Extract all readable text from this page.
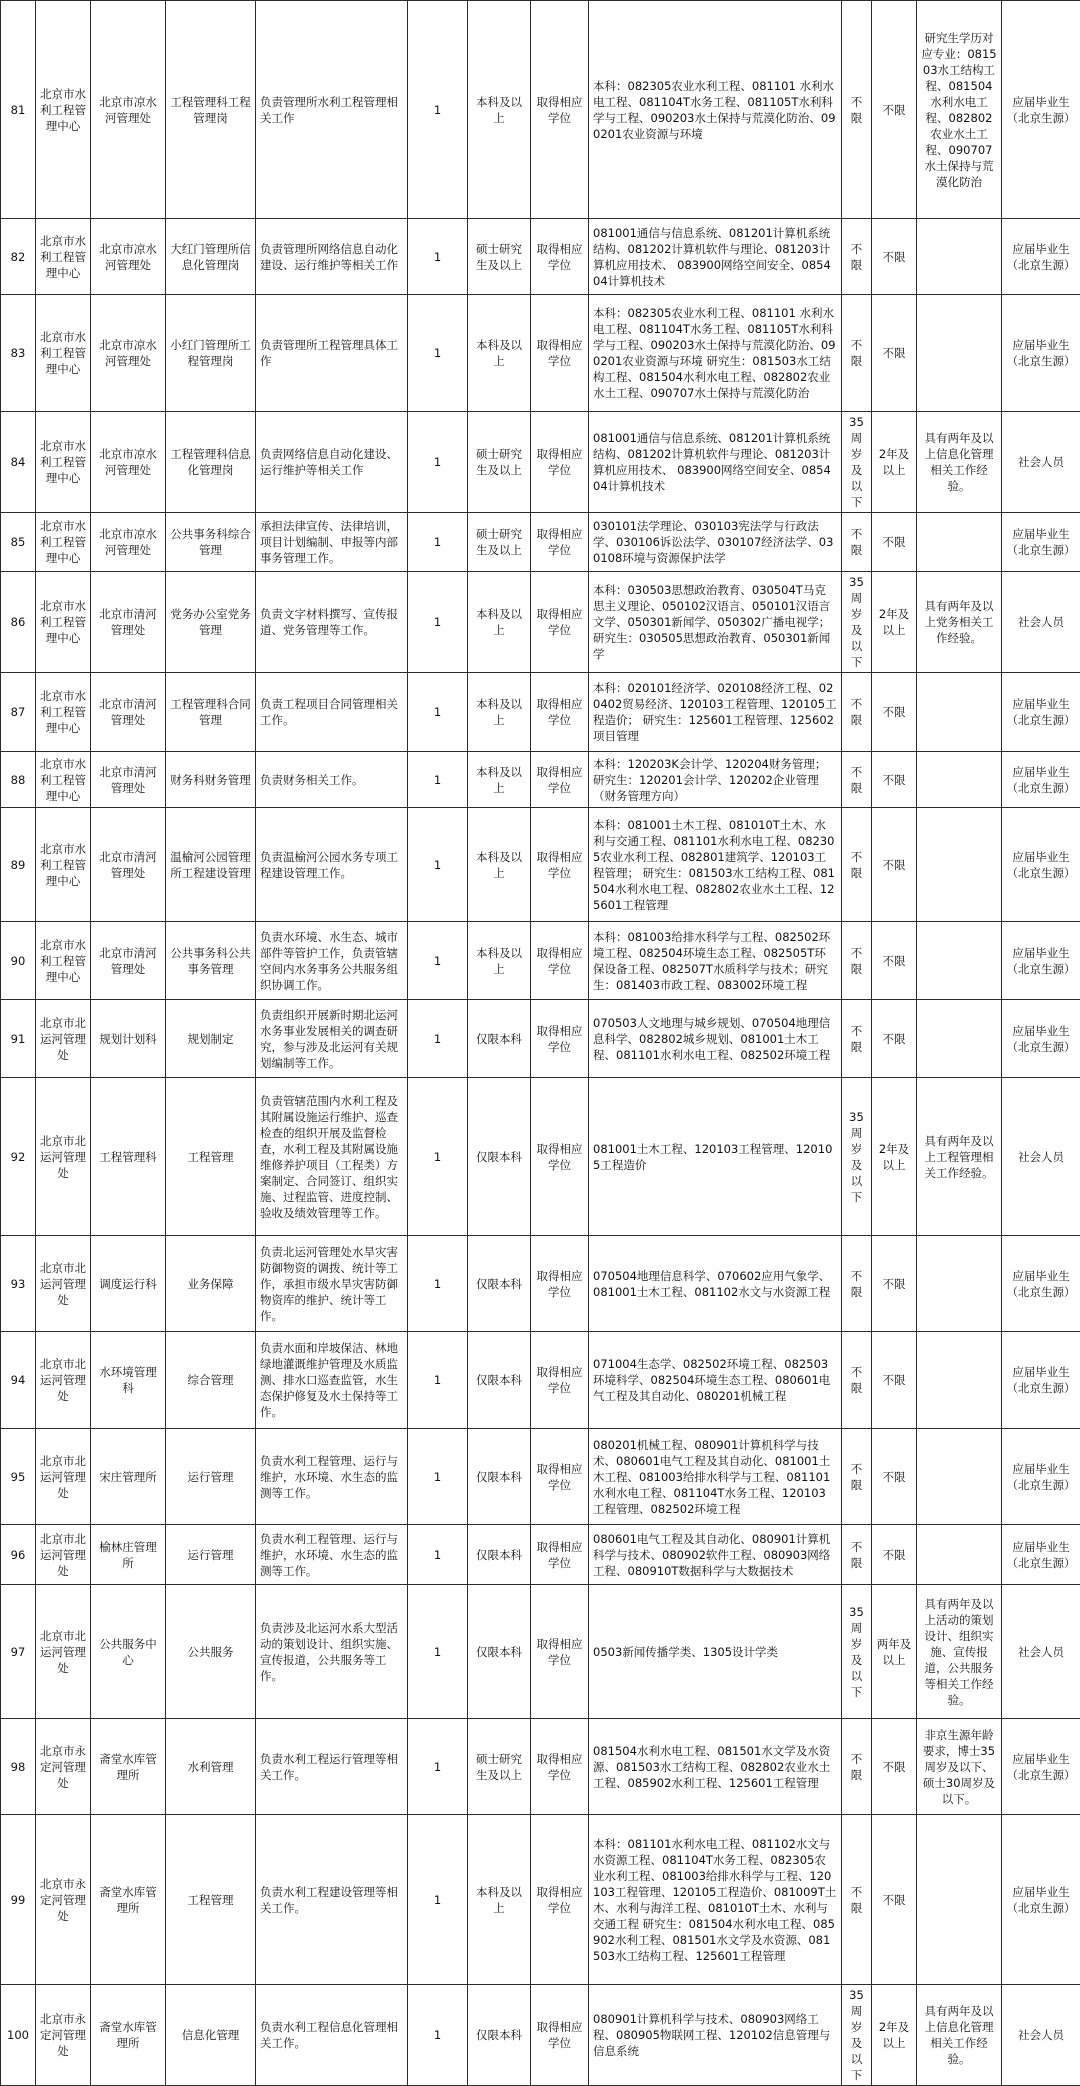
81	北京市水利工程管理中心	北京市凉水河管理处	工程管理科工程管理岗	负责管理所水利工程管理相关工作	1	本科及以上	取得相应学位	本科：082305农业水利工程、081101 水利水电工程、081104T水务工程、081105T水利科学与工程、090203水土保持与荒漠化防治、090201农业资源与环境	不限	不限	研究生学历对应专业：081503水工结构工程、081504水利水电工程、082802农业水土工程、090707水土保持与荒漠化防治	应届毕业生（北京生源）
82	北京市水利工程管理中心	北京市凉水河管理处	大红门管理所信息化管理岗	负责管理所网络信息自动化建设、运行维护等相关工作	1	硕士研究生及以上	取得相应学位	081001通信与信息系统、081201计算机系统结构、081202计算机软件与理论、081203计算机应用技术、 083900网络空间安全、085404计算机技术	不限	不限		应届毕业生（北京生源）
83	北京市水利工程管理中心	北京市凉水河管理处	小红门管理所工程管理岗	负责管理所工程管理具体工作	1	本科及以上	取得相应学位	本科：082305农业水利工程、081101 水利水电工程、081104T水务工程、081105T水利科学与工程、090203水土保持与荒漠化防治、090201农业资源与环境 研究生：081503水工结构工程、081504水利水电工程、082802农业水土工程、090707水土保持与荒漠化防治	不限	不限		应届毕业生（北京生源）
84	北京市水利工程管理中心	北京市凉水河管理处	工程管理科信息化管理岗	负责网络信息自动化建设、运行维护等相关工作	1	硕士研究生及以上	取得相应学位	081001通信与信息系统、081201计算机系统结构、081202计算机软件与理论、081203计算机应用技术、 083900网络空间安全、085404计算机技术	35周岁及以下	2年及以上	具有两年及以上信息化管理相关工作经验。	社会人员
85	北京市水利工程管理中心	北京市凉水河管理处	公共事务科综合管理	承担法律宣传、法律培训，项目计划编制、申报等内部事务管理工作。	1	硕士研究生及以上	取得相应学位	030101法学理论、030103宪法学与行政法学、030106诉讼法学、030107经济法学、030108环境与资源保护法学	不限	不限		应届毕业生（北京生源）
86	北京市水利工程管理中心	北京市清河管理处	党务办公室党务管理	负责文字材料撰写、宣传报道、党务管理等工作。	1	本科及以上	取得相应学位	本科：030503思想政治教育、030504T马克思主义理论、050102汉语言、050101汉语言文学、050301新闻学、050302广播电视学；研究生：030505思想政治教育、050301新闻学	35周岁及以下	2年及以上	具有两年及以上党务相关工作经验。	社会人员
87	北京市水利工程管理中心	北京市清河管理处	工程管理科合同管理	负责工程项目合同管理相关工作。	1	本科及以上	取得相应学位	本科：020101经济学、020108经济工程、020402贸易经济、120103工程管理、120105工程造价； 研究生：125601工程管理、125602项目管理	不限	不限		应届毕业生（北京生源）
88	北京市水利工程管理中心	北京市清河管理处	财务科财务管理	负责财务相关工作。	1	本科及以上	取得相应学位	本科：120203K会计学、120204财务管理；研究生：120201会计学、120202企业管理（财务管理方向）	不限	不限		应届毕业生（北京生源）
89	北京市水利工程管理中心	北京市清河管理处	温榆河公园管理所工程建设管理	负责温榆河公园水务专项工程建设管理工作。	1	本科及以上	取得相应学位	本科：081001土木工程、081010T土木、水利与交通工程、081101水利水电工程、082305农业水利工程、082801建筑学、120103工程管理； 研究生：081503水工结构工程、081504水利水电工程、082802农业水土工程、125601工程管理	不限	不限		应届毕业生（北京生源）
90	北京市水利工程管理中心	北京市清河管理处	公共事务科公共事务管理	负责水环境、水生态、城市部件等管护工作，负责管辖空间内水务事务公共服务组织协调工作。	1	本科及以上	取得相应学位	本科：081003给排水科学与工程、082502环境工程、082504环境生态工程、082505T环保设备工程、082507T水质科学与技术；研究生：081403市政工程、083002环境工程	不限	不限		应届毕业生（北京生源）
91	北京市北运河管理处	规划计划科	规划制定	负责组织开展新时期北运河水务事业发展相关的调查研究，参与涉及北运河有关规划编制等工作。	1	仅限本科	取得相应学位	070503人文地理与城乡规划、070504地理信息科学、082802城乡规划、081001土木工程、081101水利水电工程、082502环境工程	不限	不限		应届毕业生（北京生源）
92	北京市北运河管理处	工程管理科	工程管理	负责管辖范围内水利工程及其附属设施运行维护、巡查检查的组织开展及监督检查，水利工程及其附属设施维修养护项目（工程类）方案制定、合同签订、组织实施、过程监管、进度控制、验收及绩效管理等工作。	1	仅限本科	取得相应学位	081001土木工程、120103工程管理、120105工程造价	35周岁及以下	2年及以上	具有两年及以上工程管理相关工作经验。	社会人员
93	北京市北运河管理处	调度运行科	业务保障	负责北运河管理处水旱灾害防御物资的调拨、统计等工作，承担市级水旱灾害防御物资库的维护、统计等工作。	1	仅限本科	取得相应学位	070504地理信息科学、070602应用气象学、081001土木工程、081102水文与水资源工程	不限	不限		应届毕业生（北京生源）
94	北京市北运河管理处	水环境管理科	综合管理	负责水面和岸坡保洁、林地绿地灌溉维护管理及水质监测、排水口巡查监管，水生态保护修复及水土保持等工作。	1	仅限本科	取得相应学位	071004生态学、082502环境工程、082503环境科学、082504环境生态工程、080601电气工程及其自动化、080201机械工程	不限	不限		应届毕业生（北京生源）
95	北京市北运河管理处	宋庄管理所	运行管理	负责水利工程管理、运行与维护，水环境、水生态的监测等工作。	1	仅限本科	取得相应学位	080201机械工程、080901计算机科学与技术、080601电气工程及其自动化、081001土木工程、081003给排水科学与工程、081101水利水电工程、081104T水务工程、120103工程管理、082502环境工程	不限	不限		应届毕业生（北京生源）
96	北京市北运河管理处	榆林庄管理所	运行管理	负责水利工程管理、运行与维护，水环境、水生态的监测等工作。	1	仅限本科	取得相应学位	080601电气工程及其自动化、080901计算机科学与技术、080902软件工程、080903网络工程、080910T数据科学与大数据技术	不限	不限		应届毕业生（北京生源）
97	北京市北运河管理处	公共服务中心	公共服务	负责涉及北运河水系大型活动的策划设计、组织实施、宣传报道，公共服务等工作。	1	仅限本科	取得相应学位	0503新闻传播学类、1305设计学类	35周岁及以下	两年及以上	具有两年及以上活动的策划设计、组织实施、宣传报道，公共服务等相关工作经验。	社会人员
98	北京市永定河管理处	斋堂水库管理所	水利管理	负责水利工程运行管理等相关工作。	1	硕士研究生及以上	取得相应学位	081504水利水电工程、081501水文学及水资源、081503水工结构工程、082802农业水土工程、085902水利工程、125601工程管理	不限	不限	非京生源年龄要求，博士35周岁及以下、硕士30周岁及以下。	应届毕业生（北京生源）
99	北京市永定河管理处	斋堂水库管理所	工程管理	负责水利工程建设管理等相关工作。	1	本科及以上	取得相应学位	本科：081101水利水电工程、081102水文与水资源工程、081104T水务工程、082305农业水利工程、081003给排水科学与工程、120103工程管理、120105工程造价、081009T土木、水利与海洋工程、081010T土木、水利与交通工程 研究生：081504水利水电工程、085902水利工程、081501水文学及水资源、081503水工结构工程、125601工程管理	不限	不限		应届毕业生（北京生源）
100	北京市永定河管理处	斋堂水库管理所	信息化管理	负责水利工程信息化管理相关工作。	1	仅限本科	取得相应学位	080901计算机科学与技术、080903网络工程、080905物联网工程、120102信息管理与信息系统	35周岁及以下	2年及以上	具有两年及以上信息化管理相关工作经验。	社会人员
